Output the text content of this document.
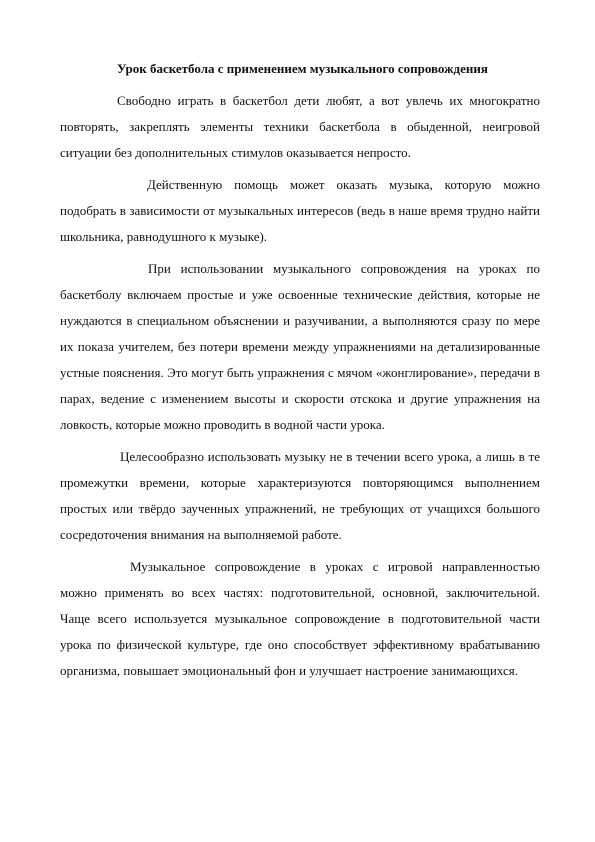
Урок баскетбола с применением музыкального сопровождения

Свободно играть в баскетбол дети любят, а вот увлечь их многократно повторять, закреплять элементы техники баскетбола в обыденной, неигровой ситуации без дополнительных стимулов оказывается непросто.

Действенную помощь может оказать музыка, которую можно подобрать в зависимости от музыкальных интересов (ведь в наше время трудно найти школьника, равнодушного к музыке).

При использовании музыкального сопровождения на уроках по баскетболу включаем простые и уже освоенные технические действия, которые не нуждаются в специальном объяснении и разучивании, а выполняются сразу по мере их показа учителем, без потери времени между упражнениями на детализированные устные пояснения. Это могут быть упражнения с мячом «жонглирование», передачи в парах, ведение с изменением высоты и скорости отскока и другие упражнения на ловкость, которые можно проводить в водной части урока.

Целесообразно использовать музыку не в течении всего урока, а лишь в те промежутки времени, которые характеризуются повторяющимся выполнением простых или твёрдо заученных упражнений, не требующих от учащихся большого сосредоточения внимания на выполняемой работе.

Музыкальное сопровождение в уроках с игровой направленностью можно применять во всех частях: подготовительной, основной, заключительной. Чаще всего используется музыкальное сопровождение в подготовительной части урока по физической культуре, где оно способствует эффективному врабатыванию организма, повышает эмоциональный фон и улучшает настроение занимающихся.
